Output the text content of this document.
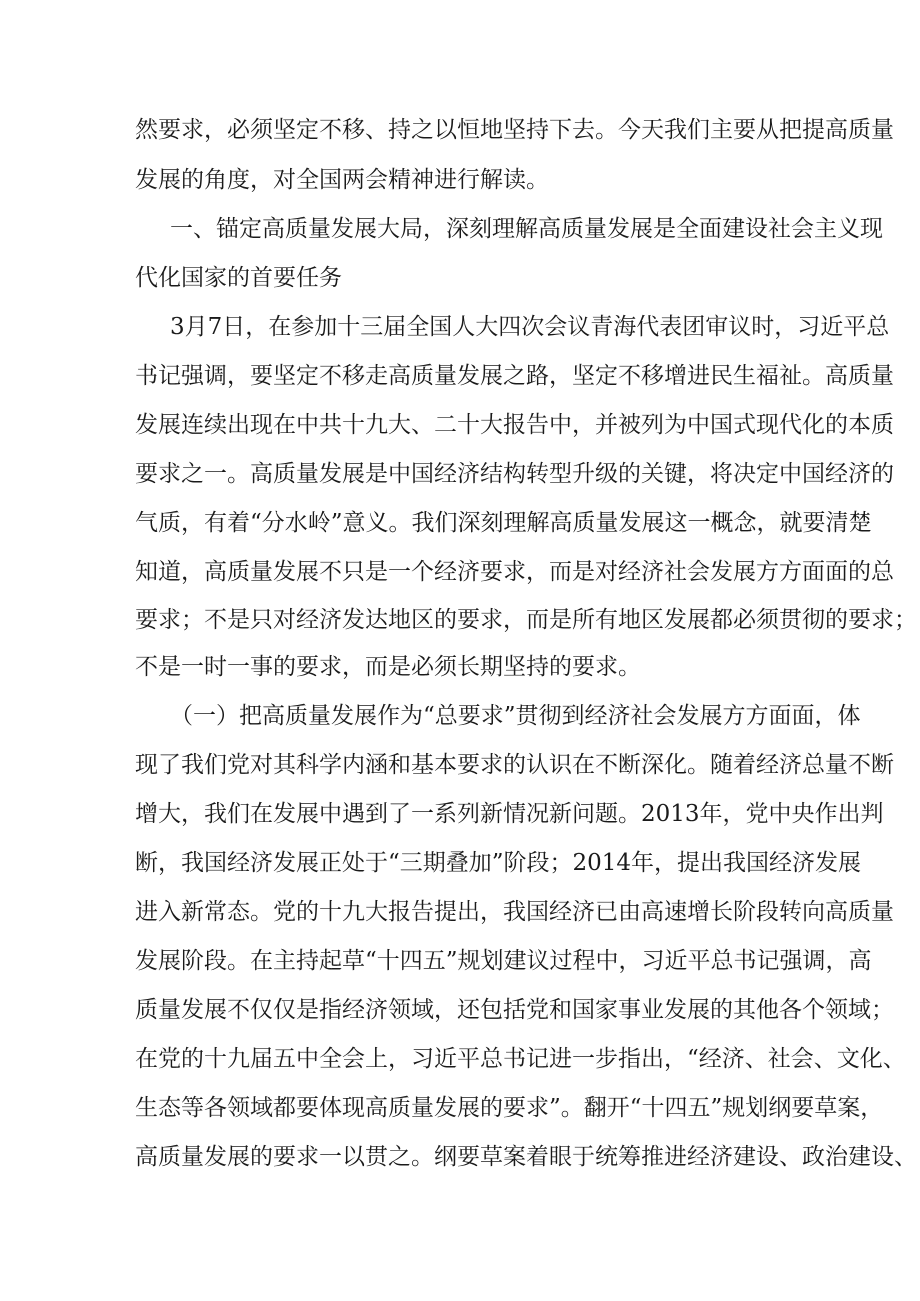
然要求，必须坚定不移、持之以恒地坚持下去。今天我们主要从把提高质量
发展的角度，对全国两会精神进行解读。
一、锚定高质量发展大局，深刻理解高质量发展是全面建设社会主义现
代化国家的首要任务
3月7日，在参加十三届全国人大四次会议青海代表团审议时，习近平总
书记强调，要坚定不移走高质量发展之路，坚定不移增进民生福祉。高质量
发展连续出现在中共十九大、二十大报告中，并被列为中国式现代化的本质
要求之一。高质量发展是中国经济结构转型升级的关键，将决定中国经济的
气质，有着“分水岭”意义。我们深刻理解高质量发展这一概念，就要清楚
知道，高质量发展不只是一个经济要求，而是对经济社会发展方方面面的总
要求；不是只对经济发达地区的要求，而是所有地区发展都必须贯彻的要求；
不是一时一事的要求，而是必须长期坚持的要求。
（一）把高质量发展作为“总要求”贯彻到经济社会发展方方面面，体
现了我们党对其科学内涵和基本要求的认识在不断深化。随着经济总量不断
增大，我们在发展中遇到了一系列新情况新问题。2013年，党中央作出判
断，我国经济发展正处于“三期叠加”阶段；2014年，提出我国经济发展
进入新常态。党的十九大报告提出，我国经济已由高速增长阶段转向高质量
发展阶段。在主持起草“十四五”规划建议过程中，习近平总书记强调，高
质量发展不仅仅是指经济领域，还包括党和国家事业发展的其他各个领域；
在党的十九届五中全会上，习近平总书记进一步指出，“经济、社会、文化、
生态等各领域都要体现高质量发展的要求”。翻开“十四五”规划纲要草案，
高质量发展的要求一以贯之。纲要草案着眼于统筹推进经济建设、政治建设、
